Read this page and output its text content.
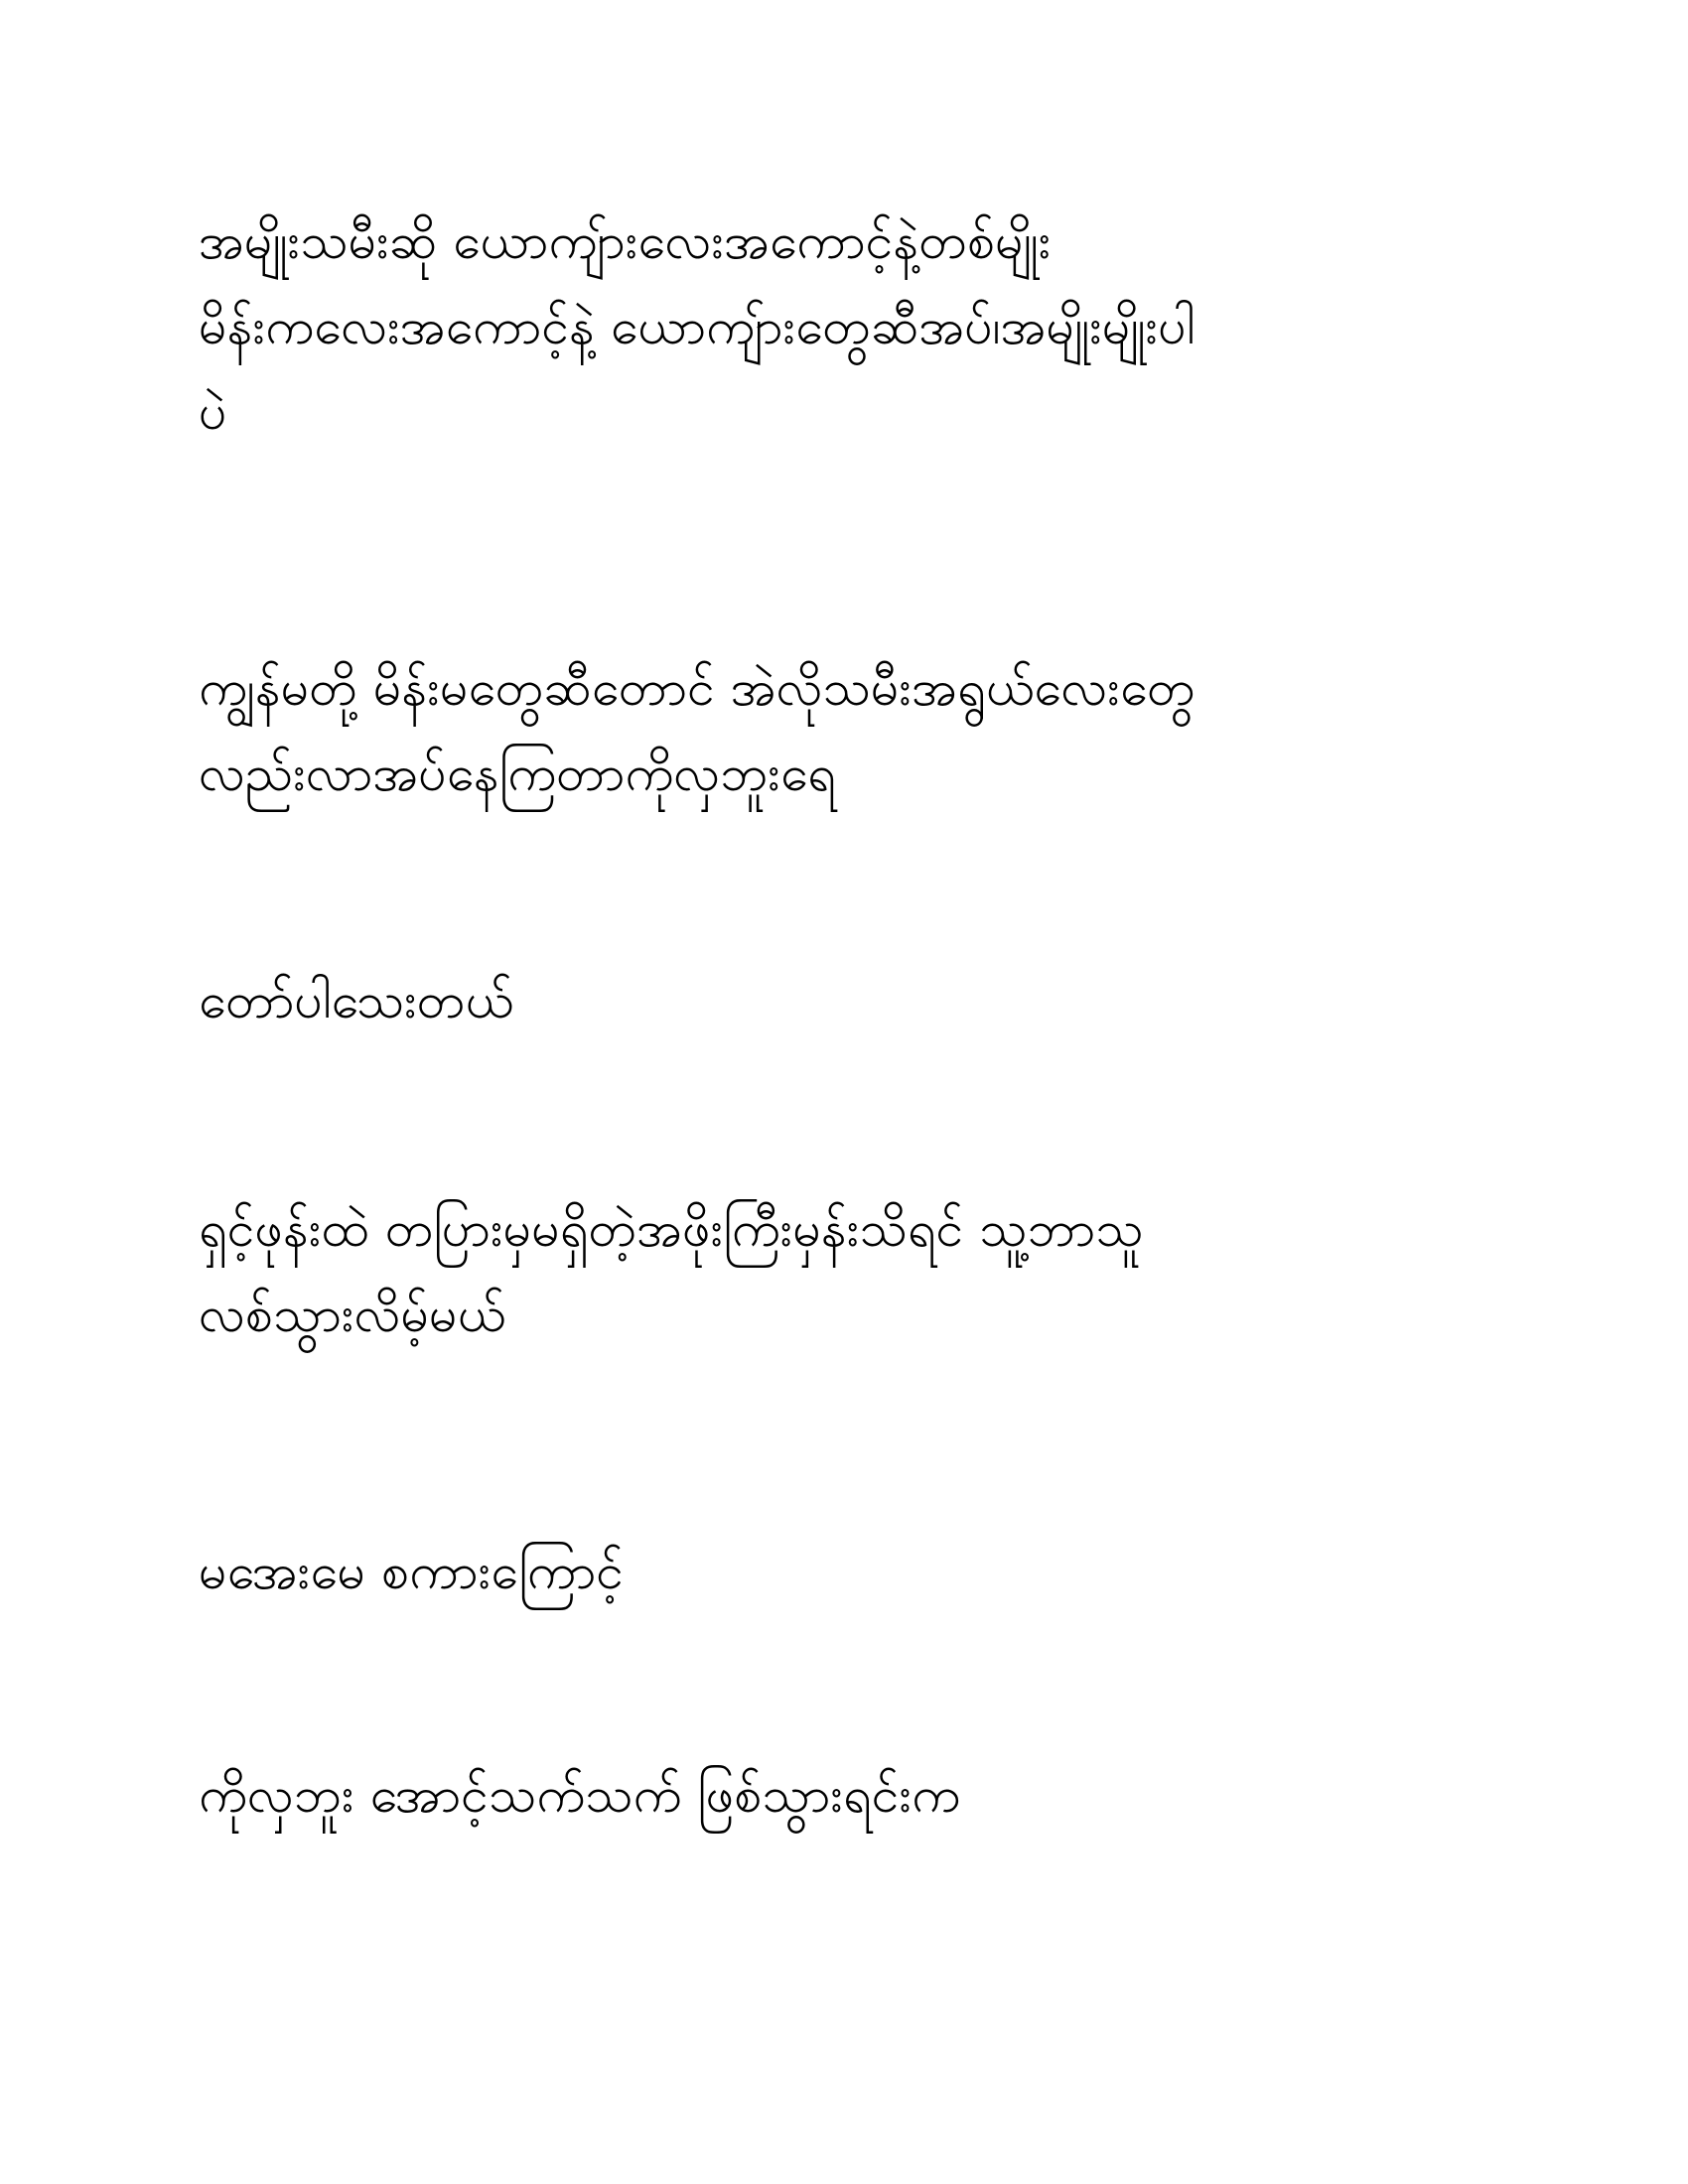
အမျိုးသမီးဆို ယောကျ်ားလေးအကောင့်နဲ့တစ်မျိုး
မိန်းကလေးအကောင့်နဲ့ ယောကျ်ားတွေဆီအပ်၊အမျိုးမျိုးပါ
ပဲ

ကျွန်မတို့ မိန်းမတွေဆီတောင် အဲလိုသမီးအရွယ်လေးတွေ
လည်းလာအပ်နေကြတာကိုလှဘူးရေ

တော်ပါသေးတယ်

ရှင့်ဖုန်းထဲ တပြားမှမရှိတဲ့အဖိုးကြီးမှန်းသိရင် သူ့ဘာသူ
လစ်သွားလိမ့်မယ်

မအေးမေ စကားကြောင့်

ကိုလှဘူး အောင့်သက်သက် ဖြစ်သွားရင်းက
